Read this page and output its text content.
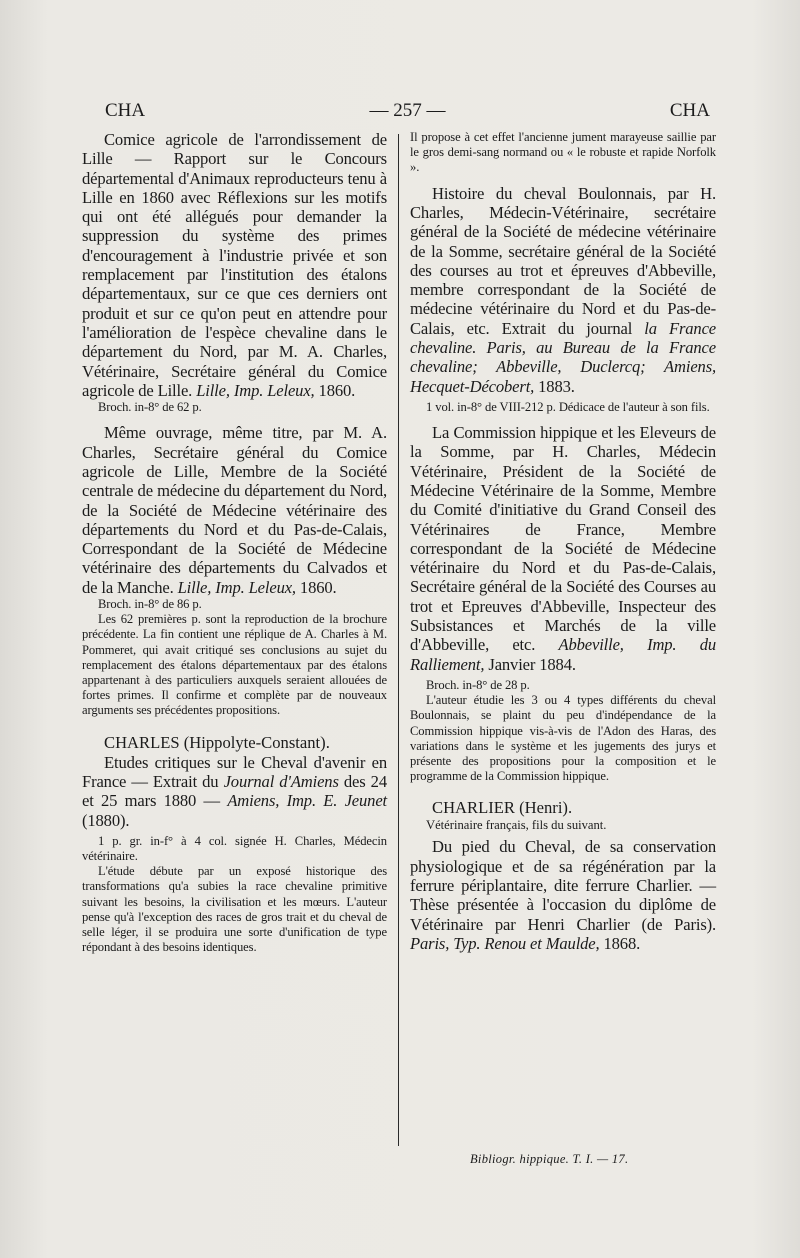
CHA	— 257 —	CHA

Comice agricole de l'arrondissement de Lille — Rapport sur le Concours départemental d'Animaux reproducteurs tenu à Lille en 1860 avec Réflexions sur les motifs qui ont été allégués pour demander la suppression du système des primes d'encouragement à l'industrie privée et son remplacement par l'institution des étalons départementaux, sur ce que ces derniers ont produit et sur ce qu'on peut en attendre pour l'amélioration de l'espèce chevaline dans le département du Nord, par M. A. Charles, Vétérinaire, Secrétaire général du Comice agricole de Lille. Lille, Imp. Leleux, 1860.

Broch. in-8° de 62 p.

Même ouvrage, même titre, par M. A. Charles, Secrétaire général du Comice agricole de Lille, Membre de la Société centrale de médecine du département du Nord, de la Société de Médecine vétérinaire des départements du Nord et du Pas-de-Calais, Correspondant de la Société de Médecine vétérinaire des départements du Calvados et de la Manche. Lille, Imp. Leleux, 1860.

Broch. in-8° de 86 p.

Les 62 premières p. sont la reproduction de la brochure précédente. La fin contient une réplique de A. Charles à M. Pommeret, qui avait critiqué ses conclusions au sujet du remplacement des étalons départementaux par des étalons appartenant à des particuliers auxquels seraient allouées de fortes primes. Il confirme et complète par de nouveaux arguments ses précédentes propositions.

CHARLES (Hippolyte-Constant).

Etudes critiques sur le Cheval d'avenir en France — Extrait du Journal d'Amiens des 24 et 25 mars 1880 — Amiens, Imp. E. Jeunet (1880).

1 p. gr. in-f° à 4 col. signée H. Charles, Médecin vétérinaire.

L'étude débute par un exposé historique des transformations qu'a subies la race chevaline primitive suivant les besoins, la civilisation et les mœurs. L'auteur pense qu'à l'exception des races de gros trait et du cheval de selle léger, il se produira une sorte d'unification de type répondant à des besoins identiques.

Il propose à cet effet l'ancienne jument marayeuse saillie par le gros demi-sang normand ou « le robuste et rapide Norfolk ».

Histoire du cheval Boulonnais, par H. Charles, Médecin-Vétérinaire, secrétaire général de la Société de médecine vétérinaire de la Somme, secrétaire général de la Société des courses au trot et épreuves d'Abbeville, membre correspondant de la Société de médecine vétérinaire du Nord et du Pas-de-Calais, etc. Extrait du journal la France chevaline. Paris, au Bureau de la France chevaline; Abbeville, Duclercq; Amiens, Hecquet-Décobert, 1883.

1 vol. in-8° de VIII-212 p. Dédicace de l'auteur à son fils.

La Commission hippique et les Eleveurs de la Somme, par H. Charles, Médecin Vétérinaire, Président de la Société de Médecine Vétérinaire de la Somme, Membre du Comité d'initiative du Grand Conseil des Vétérinaires de France, Membre correspondant de la Société de Médecine vétérinaire du Nord et du Pas-de-Calais, Secrétaire général de la Société des Courses au trot et Epreuves d'Abbeville, Inspecteur des Subsistances et Marchés de la ville d'Abbeville, etc. Abbeville, Imp. du Ralliement, Janvier 1884.

Broch. in-8° de 28 p.

L'auteur étudie les 3 ou 4 types différents du cheval Boulonnais, se plaint du peu d'indépendance de la Commission hippique vis-à-vis de l'Adon des Haras, des variations dans le système et les jugements des jurys et présente des propositions pour la composition et le programme de la Commission hippique.

CHARLIER (Henri).

Vétérinaire français, fils du suivant.

Du pied du Cheval, de sa conservation physiologique et de sa régénération par la ferrure périplantaire, dite ferrure Charlier. — Thèse présentée à l'occasion du diplôme de Vétérinaire par Henri Charlier (de Paris). Paris, Typ. Renou et Maulde, 1868.

Bibliogr. hippique. T. I. — 17.
